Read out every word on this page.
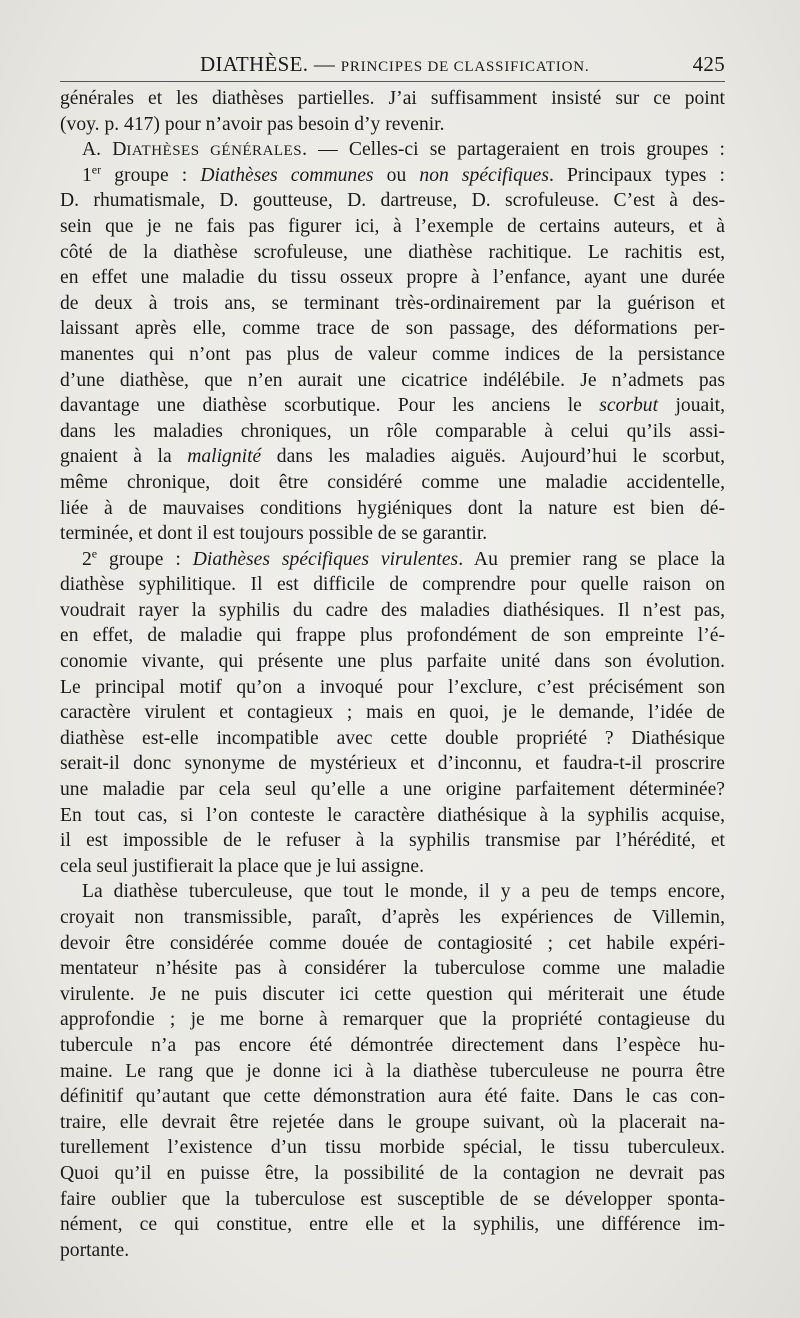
DIATHÈSE. — PRINCIPES DE CLASSIFICATION.	425
générales et les diathèses partielles. J’ai suffisamment insisté sur ce point
(voy. p. 417) pour n’avoir pas besoin d’y revenir.
A. DIATHÈSES GÉNÉRALES. — Celles-ci se partageraient en trois groupes :
1er groupe : Diathèses communes ou non spécifiques. Principaux types :
D. rhumatismale, D. goutteuse, D. dartreuse, D. scrofuleuse. C’est à des-
sein que je ne fais pas figurer ici, à l’exemple de certains auteurs, et à
côté de la diathèse scrofuleuse, une diathèse rachitique. Le rachitis est,
en effet une maladie du tissu osseux propre à l’enfance, ayant une durée
de deux à trois ans, se terminant très-ordinairement par la guérison et
laissant après elle, comme trace de son passage, des déformations per-
manentes qui n’ont pas plus de valeur comme indices de la persistance
d’une diathèse, que n’en aurait une cicatrice indélébile. Je n’admets pas
davantage une diathèse scorbutique. Pour les anciens le scorbut jouait,
dans les maladies chroniques, un rôle comparable à celui qu’ils assi-
gnaient à la malignité dans les maladies aiguës. Aujourd’hui le scorbut,
même chronique, doit être considéré comme une maladie accidentelle,
liée à de mauvaises conditions hygiéniques dont la nature est bien dé-
terminée, et dont il est toujours possible de se garantir.
2e groupe : Diathèses spécifiques virulentes. Au premier rang se place la
diathèse syphilitique. Il est difficile de comprendre pour quelle raison on
voudrait rayer la syphilis du cadre des maladies diathésiques. Il n’est pas,
en effet, de maladie qui frappe plus profondément de son empreinte l’é-
conomie vivante, qui présente une plus parfaite unité dans son évolution.
Le principal motif qu’on a invoqué pour l’exclure, c’est précisément son
caractère virulent et contagieux ; mais en quoi, je le demande, l’idée de
diathèse est-elle incompatible avec cette double propriété ? Diathésique
serait-il donc synonyme de mystérieux et d’inconnu, et faudra-t-il proscrire
une maladie par cela seul qu’elle a une origine parfaitement déterminée?
En tout cas, si l’on conteste le caractère diathésique à la syphilis acquise,
il est impossible de le refuser à la syphilis transmise par l’hérédité, et
cela seul justifierait la place que je lui assigne.
La diathèse tuberculeuse, que tout le monde, il y a peu de temps encore,
croyait non transmissible, paraît, d’après les expériences de Villemin,
devoir être considérée comme douée de contagiosité ; cet habile expéri-
mentateur n’hésite pas à considérer la tuberculose comme une maladie
virulente. Je ne puis discuter ici cette question qui mériterait une étude
approfondie ; je me borne à remarquer que la propriété contagieuse du
tubercule n’a pas encore été démontrée directement dans l’espèce hu-
maine. Le rang que je donne ici à la diathèse tuberculeuse ne pourra être
définitif qu’autant que cette démonstration aura été faite. Dans le cas con-
traire, elle devrait être rejetée dans le groupe suivant, où la placerait na-
turellement l’existence d’un tissu morbide spécial, le tissu tuberculeux.
Quoi qu’il en puisse être, la possibilité de la contagion ne devrait pas
faire oublier que la tuberculose est susceptible de se développer sponta-
nément, ce qui constitue, entre elle et la syphilis, une différence im-
portante.
